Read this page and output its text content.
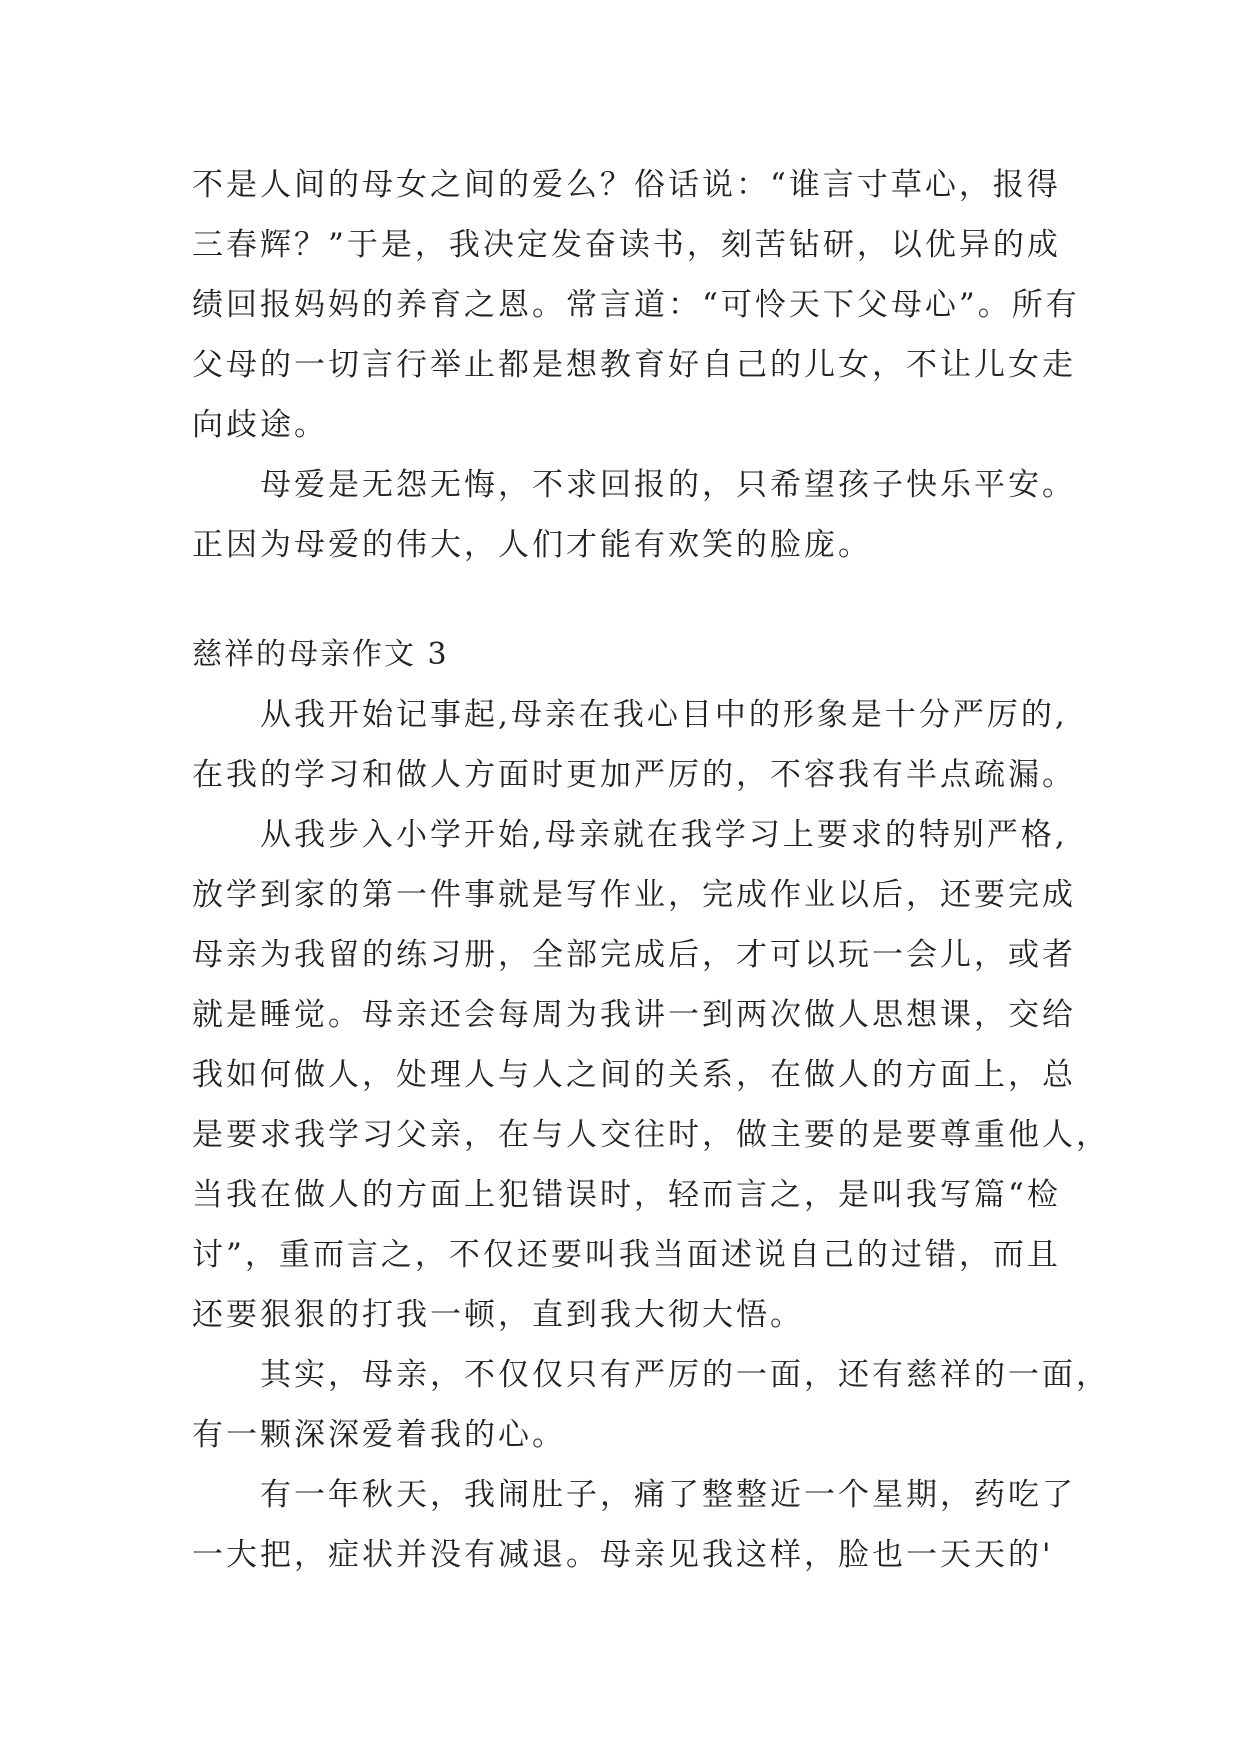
不是人间的母女之间的爱么？俗话说：“谁言寸草心，报得
三春辉？”于是，我决定发奋读书，刻苦钻研，以优异的成
绩回报妈妈的养育之恩。常言道：“可怜天下父母心”。所有
父母的一切言行举止都是想教育好自己的儿女，不让儿女走
向歧途。
　　母爱是无怨无悔，不求回报的，只希望孩子快乐平安。
正因为母爱的伟大，人们才能有欢笑的脸庞。
慈祥的母亲作文 3
　　从我开始记事起,母亲在我心目中的形象是十分严厉的,
在我的学习和做人方面时更加严厉的，不容我有半点疏漏。
　　从我步入小学开始,母亲就在我学习上要求的特别严格,
放学到家的第一件事就是写作业，完成作业以后，还要完成
母亲为我留的练习册，全部完成后，才可以玩一会儿，或者
就是睡觉。母亲还会每周为我讲一到两次做人思想课，交给
我如何做人，处理人与人之间的关系，在做人的方面上，总
是要求我学习父亲，在与人交往时，做主要的是要尊重他人，
当我在做人的方面上犯错误时，轻而言之，是叫我写篇“检
讨”，重而言之，不仅还要叫我当面述说自己的过错，而且
还要狠狠的打我一顿，直到我大彻大悟。
　　其实，母亲，不仅仅只有严厉的一面，还有慈祥的一面，
有一颗深深爱着我的心。
　　有一年秋天，我闹肚子，痛了整整近一个星期，药吃了
一大把，症状并没有减退。母亲见我这样，脸也一天天的'
